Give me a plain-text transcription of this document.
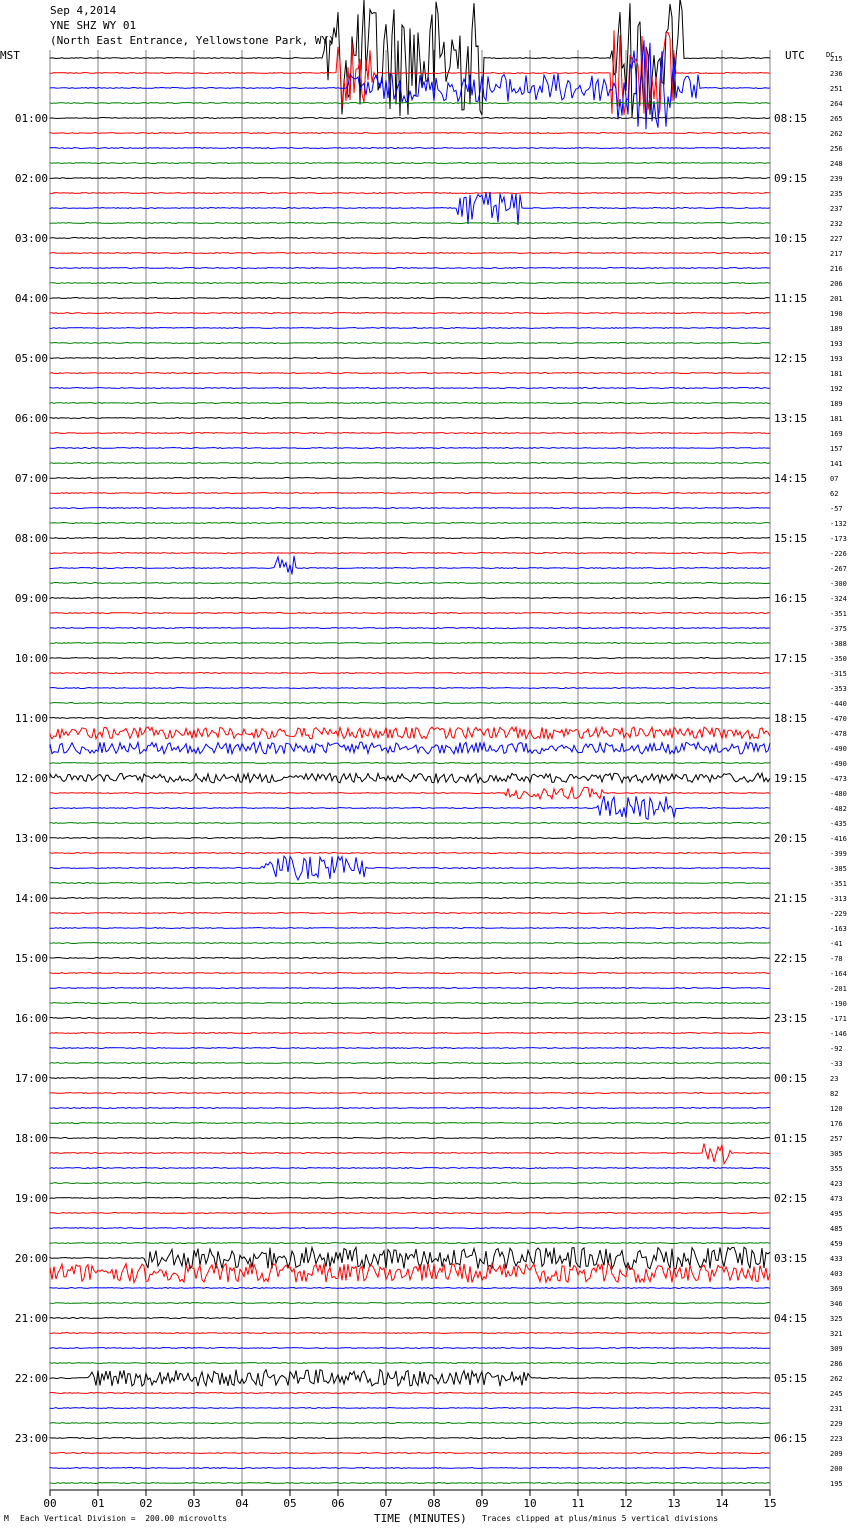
Sep 4,2014
YNE SHZ WY 01
(North East Entrance, Yellowstone Park, WY)
MST	UTC	DC
00	01	02	03	04	05	06	07	08	09	10	11	12	13	14	15
215
236
251
264
265
262
256
248
239
235
237
232
227
217
216
206
201
190
189
193
193
181
192
189
181
169
157
141
07
62
-57
-132
-173
-226
-267
-300
-324
-351
-375
-388
-350
-315
-353
-440
-470
-478
-490
-490
-473
-480
-482
-435
-416
-399
-385
-351
-313
-229
-163
-41
-78
-164
-201
-190
-171
-146
-92
-33
23
82
120
176
257
305
355
423
473
495
485
459
433
403
369
346
325
321
309
286
262
245
231
229
223
209
200
195
01:00
02:00
03:00
04:00
05:00
06:00
07:00
08:00
09:00
10:00
11:00
12:00
13:00
14:00
15:00
16:00
17:00
18:00
19:00
20:00
21:00
22:00
23:00
08:15
09:15
10:15
11:15
12:15
13:15
14:15
15:15
16:15
17:15
18:15
19:15
20:15
21:15
22:15
23:15
00:15
01:15
02:15
03:15
04:15
05:15
06:15
M Each Vertical Division =  200.00 microvolts	TIME (MINUTES) Traces clipped at plus/minus 5 vertical divisions
